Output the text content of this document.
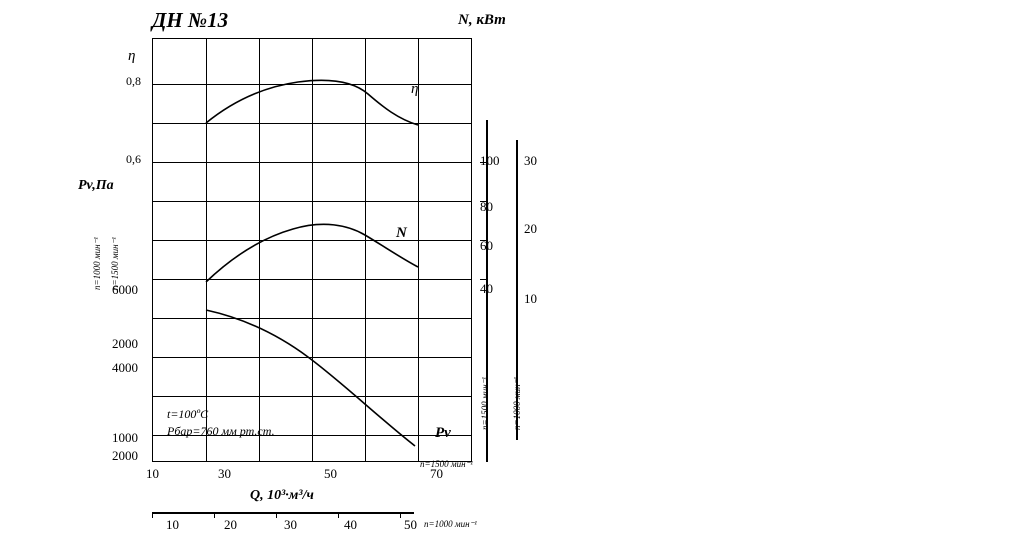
ДН №13	N, кВт
η
Pv,Па
η
N
Pv
t=100ºC
Pбар=760 мм рт.ст.
0,8
0,6
6000
2000
4000
1000
2000
n=1000 мин⁻¹ n=1500 мин⁻¹
100
80
60
40
n=1500 мин⁻¹
30
20
10
n=1000 мин⁻¹
10	30	50	70
n=1500 мин⁻¹
Q, 10³·м³/ч
10	20	30	40	50 n=1000 мин⁻¹
